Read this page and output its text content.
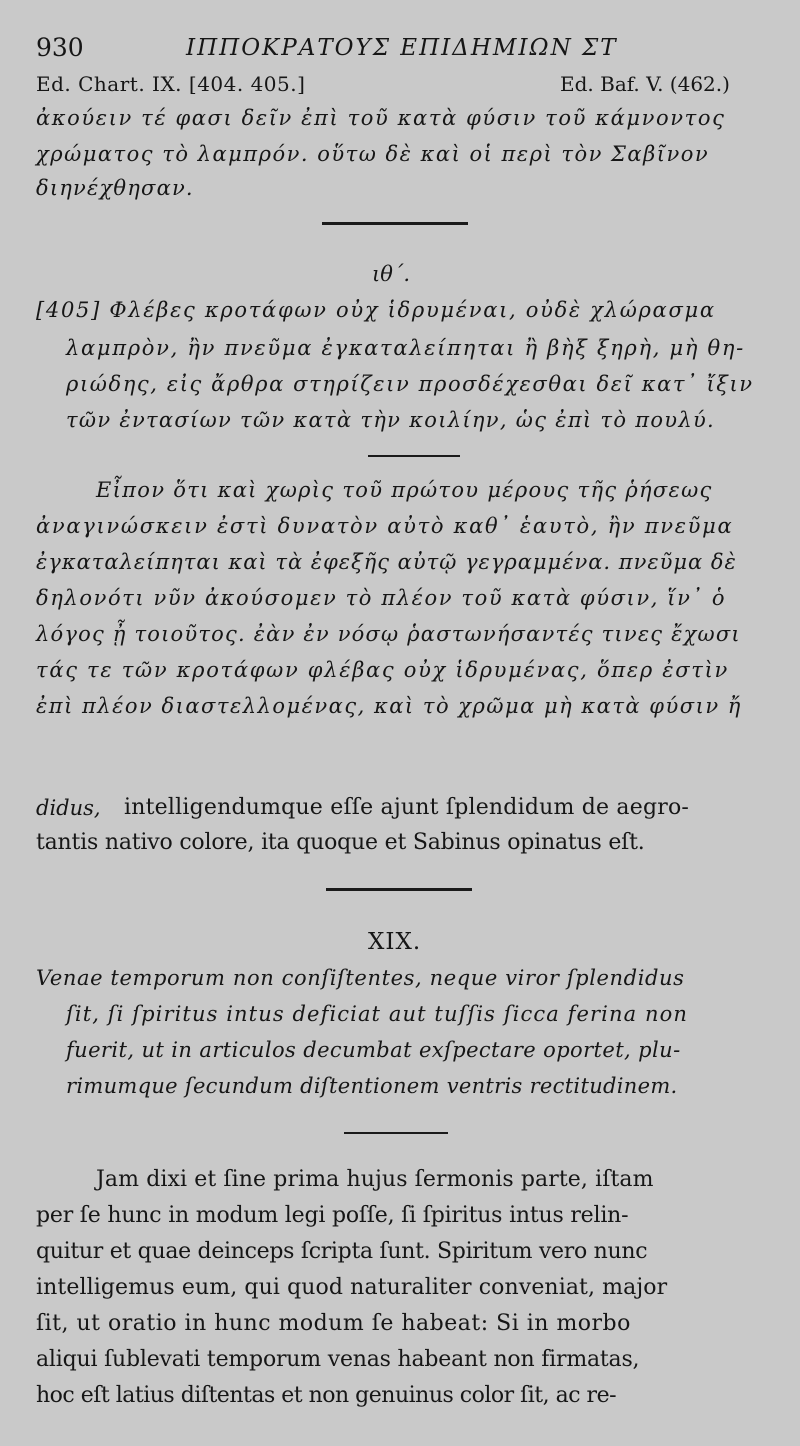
930	ΙΠΠΟΚΡΑΤΟΥΣ ΕΠΙΔΗΜΙΩΝ ΣΤ
Ed. Chart. IX. [404. 405.]	Ed. Baf. V. (462.)
ἀκούειν τέ φασι δεῖν ἐπὶ τοῦ κατὰ φύσιν τοῦ κάμνοντος
χρώματος τὸ λαμπρόν. οὕτω δὲ καὶ οἱ περὶ τὸν Σαβῖνον
διηνέχθησαν.
ιθ΄.
[405] Φλέβες κροτάφων οὐχ ἱδρυμέναι, οὐδὲ χλώρασμα
λαμπρὸν, ἢν πνεῦμα ἐγκαταλείπηται ἢ βὴξ ξηρὴ, μὴ θη-
ριώδης, εἰς ἄρθρα στηρίζειν προσδέχεσθαι δεῖ κατ᾽ ἴξιν
τῶν ἐντασίων τῶν κατὰ τὴν κοιλίην, ὡς ἐπὶ τὸ πουλύ.
Εἶπον ὅτι καὶ χωρὶς τοῦ πρώτου μέρους τῆς ῥήσεως
ἀναγινώσκειν ἐστὶ δυνατὸν αὐτὸ καθ᾽ ἑαυτὸ, ἢν πνεῦμα
ἐγκαταλείπηται καὶ τὰ ἐφεξῆς αὐτῷ γεγραμμένα. πνεῦμα δὲ
δηλονότι νῦν ἀκούσομεν τὸ πλέον τοῦ κατὰ φύσιν, ἵν᾽ ὁ
λόγος ᾖ τοιοῦτος. ἐὰν ἐν νόσῳ ῥαστωνήσαντές τινες ἔχωσι
τάς τε τῶν κροτάφων φλέβας οὐχ ἱδρυμένας, ὅπερ ἐστὶν
ἐπὶ πλέον διαστελλομένας, καὶ τὸ χρῶμα μὴ κατὰ φύσιν ἤ
didus, intelligendumque eſſe ajunt ſplendidum de aegro-
tantis nativo colore, ita quoque et Sabinus opinatus eſt.
XIX.
Venae temporum non conſiſtentes, neque viror ſplendidus
ſit, ſi ſpiritus intus deficiat aut tuſſis ſicca ferina non
fuerit, ut in articulos decumbat exſpectare oportet, plu-
rimumque ſecundum diſtentionem ventris rectitudinem.
Jam dixi et ſine prima hujus ſermonis parte, iſtam
per ſe hunc in modum legi poſſe, ſi ſpiritus intus relin-
quitur et quae deinceps ſcripta ſunt. Spiritum vero nunc
intelligemus eum, qui quod naturaliter conveniat, major
ſit, ut oratio in hunc modum ſe habeat: Si in morbo
aliqui ſublevati temporum venas habeant non firmatas,
hoc eſt latius diſtentas et non genuinus color ſit, ac re-
